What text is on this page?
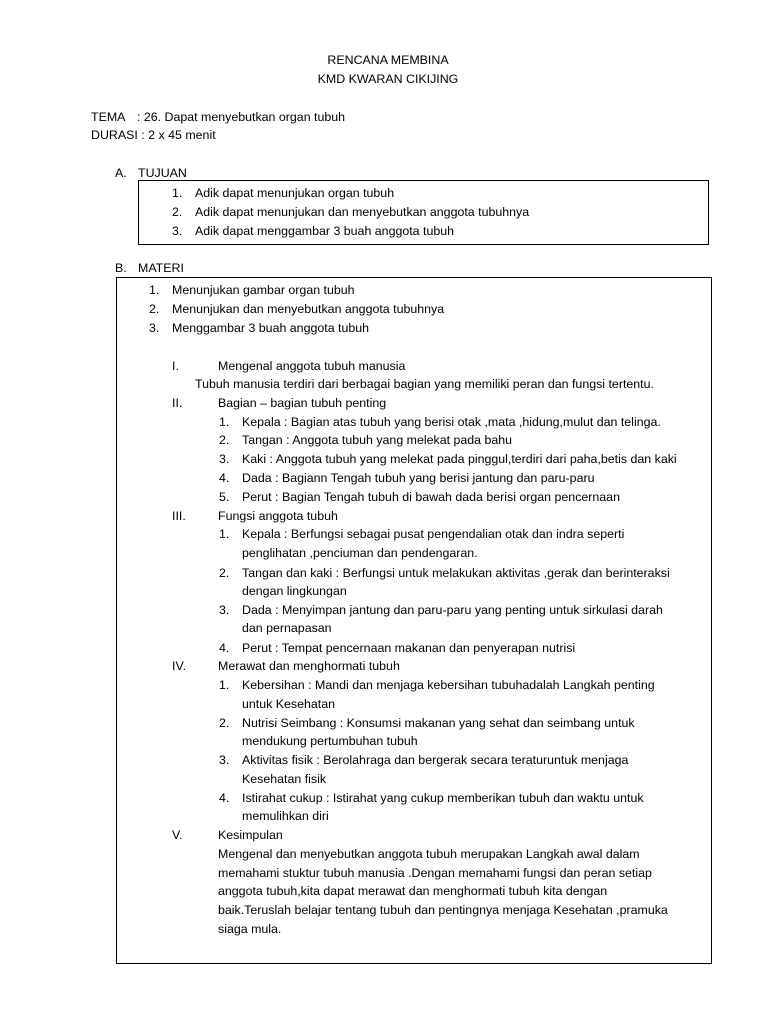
RENCANA MEMBINA
KMD KWARAN CIKIJING
TEMA : 26. Dapat menyebutkan organ tubuh
DURASI : 2 x 45 menit
A. TUJUAN
1. Adik dapat menunjukan organ tubuh
2. Adik dapat menunjukan dan menyebutkan anggota tubuhnya
3. Adik dapat menggambar 3 buah anggota tubuh
B. MATERI
1. Menunjukan gambar organ tubuh
2. Menunjukan dan menyebutkan anggota tubuhnya
3. Menggambar 3 buah anggota tubuh
I.	Mengenal anggota tubuh manusia
Tubuh manusia terdiri dari berbagai bagian yang memiliki peran dan fungsi tertentu.
II.	Bagian – bagian tubuh penting
1. Kepala : Bagian atas tubuh yang berisi otak ,mata ,hidung,mulut dan telinga.
2. Tangan : Anggota tubuh yang melekat pada bahu
3. Kaki : Anggota tubuh yang melekat pada pinggul,terdiri dari paha,betis dan kaki
4. Dada : Bagiann Tengah tubuh yang berisi jantung dan paru-paru
5. Perut : Bagian Tengah tubuh di bawah dada berisi organ pencernaan
III.	Fungsi anggota tubuh
1. Kepala : Berfungsi sebagai pusat pengendalian otak dan indra seperti
penglihatan ,penciuman dan pendengaran.
2. Tangan dan kaki : Berfungsi untuk melakukan aktivitas ,gerak dan berinteraksi
dengan lingkungan
3. Dada : Menyimpan jantung dan paru-paru yang penting untuk sirkulasi darah
dan pernapasan
4. Perut : Tempat pencernaan makanan dan penyerapan nutrisi
IV.	Merawat dan menghormati tubuh
1. Kebersihan : Mandi dan menjaga kebersihan tubuhadalah Langkah penting
untuk Kesehatan
2. Nutrisi Seimbang : Konsumsi makanan yang sehat dan seimbang untuk
mendukung pertumbuhan tubuh
3. Aktivitas fisik : Berolahraga dan bergerak secara teraturuntuk menjaga
Kesehatan fisik
4. Istirahat cukup : Istirahat yang cukup memberikan tubuh dan waktu untuk
memulihkan diri
V.	Kesimpulan
Mengenal dan menyebutkan anggota tubuh merupakan Langkah awal dalam
memahami stuktur tubuh manusia .Dengan memahami fungsi dan peran setiap
anggota tubuh,kita dapat merawat dan menghormati tubuh kita dengan
baik.Teruslah belajar tentang tubuh dan pentingnya menjaga Kesehatan ,pramuka
siaga mula.
